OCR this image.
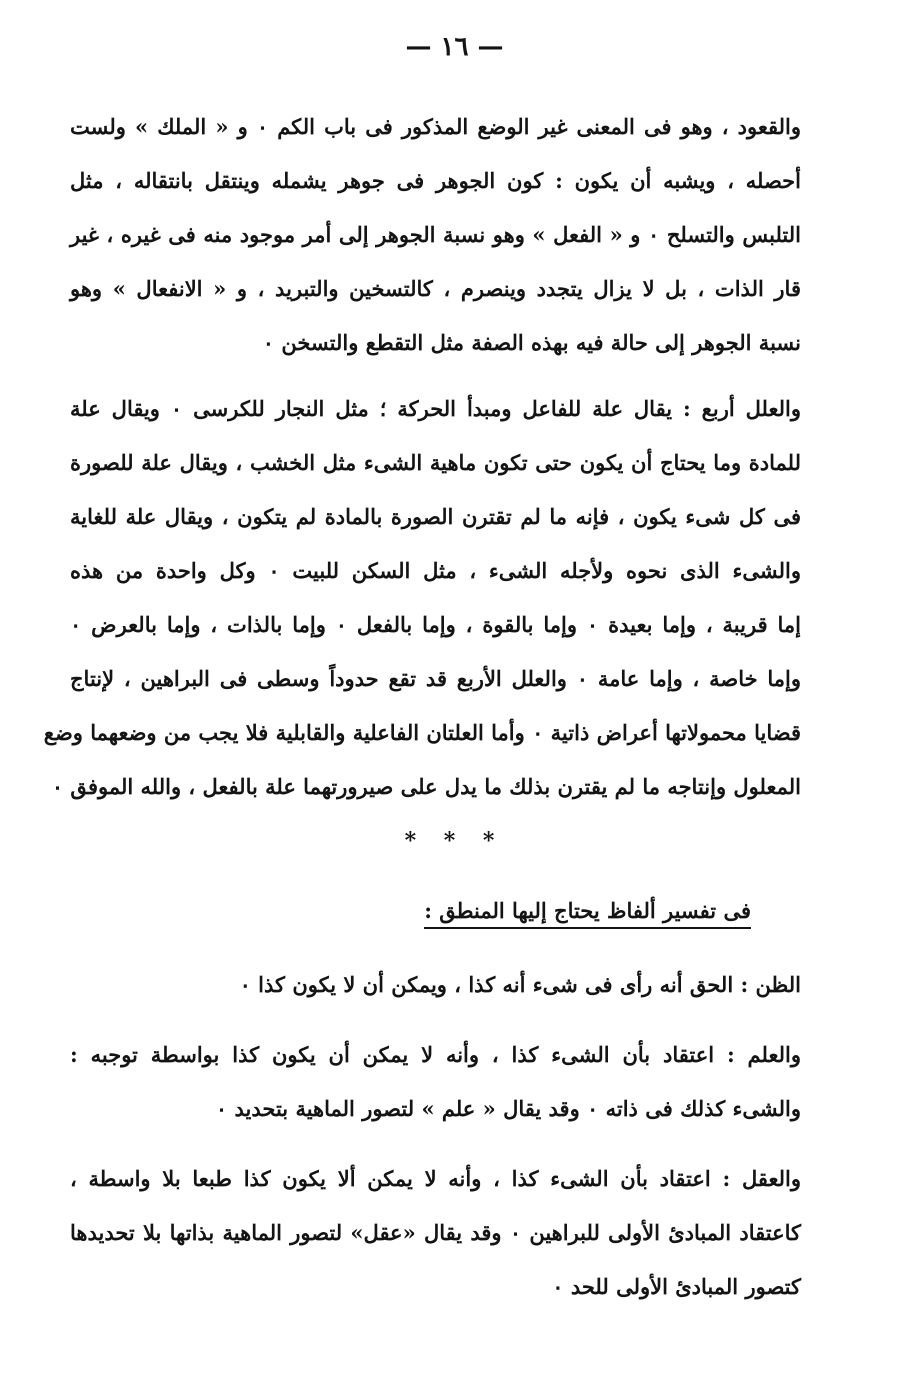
— ١٦ —
والقعود ، وهو فى المعنى غير الوضع المذكور فى باب الكم ٠ و « الملك » ولست
أحصله ، ويشبه أن يكون : كون الجوهر فى جوهر يشمله وينتقل بانتقاله ، مثل
التلبس والتسلح ٠ و « الفعل » وهو نسبة الجوهر إلى أمر موجود منه فى غيره ، غير
قار الذات ، بل لا يزال يتجدد وينصرم ، كالتسخين والتبريد ، و « الانفعال » وهو
نسبة الجوهر إلى حالة فيه بهذه الصفة مثل التقطع والتسخن ٠
والعلل أربع : يقال علة للفاعل ومبدأ الحركة ؛ مثل النجار للكرسى ٠ ويقال علة
للمادة وما يحتاج أن يكون حتى تكون ماهية الشىء مثل الخشب ، ويقال علة للصورة
فى كل شىء يكون ، فإنه ما لم تقترن الصورة بالمادة لم يتكون ، ويقال علة للغاية
والشىء الذى نحوه ولأجله الشىء ، مثل السكن للبيت ٠ وكل واحدة من هذه
إما قريبة ، وإما بعيدة ٠ وإما بالقوة ، وإما بالفعل ٠ وإما بالذات ، وإما بالعرض ٠
وإما خاصة ، وإما عامة ٠ والعلل الأربع قد تقع حدوداً وسطى فى البراهين ، لإنتاج
قضايا محمولاتها أعراض ذاتية ٠ وأما العلتان الفاعلية والقابلية فلا يجب من وضعهما وضع
المعلول وإنتاجه ما لم يقترن بذلك ما يدل على صيرورتهما علة بالفعل ، والله الموفق ٠
* * *
فى تفسير ألفاظ يحتاج إليها المنطق :
الظن : الحق أنه رأى فى شىء أنه كذا ، ويمكن أن لا يكون كذا ٠
والعلم : اعتقاد بأن الشىء كذا ، وأنه لا يمكن أن يكون كذا بواسطة توجبه :
والشىء كذلك فى ذاته ٠ وقد يقال « علم » لتصور الماهية بتحديد ٠
والعقل : اعتقاد بأن الشىء كذا ، وأنه لا يمكن ألا يكون كذا طبعا بلا واسطة ،
كاعتقاد المبادئ الأولى للبراهين ٠ وقد يقال «عقل» لتصور الماهية بذاتها بلا تحديدها
كتصور المبادئ الأولى للحد ٠
